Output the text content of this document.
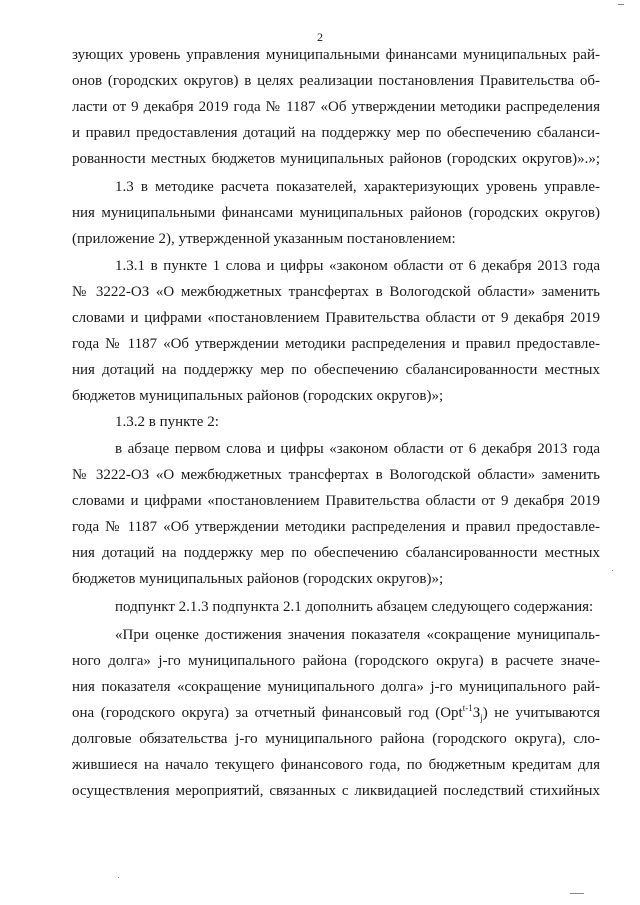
2
зующих уровень управления муниципальными финансами муниципальных рай-
онов (городских округов) в целях реализации постановления Правительства об-
ласти от 9 декабря 2019 года № 1187 «Об утверждении методики распределения
и правил предоставления дотаций на поддержку мер по обеспечению сбаланси-
рованности местных бюджетов муниципальных районов (городских округов)».»;
1.3 в методике расчета показателей, характеризующих уровень управле-
ния муниципальными финансами муниципальных районов (городских округов)
(приложение 2), утвержденной указанным постановлением:
1.3.1 в пункте 1 слова и цифры «законом области от 6 декабря 2013 года
№ 3222-ОЗ «О межбюджетных трансфертах в Вологодской области» заменить
словами и цифрами «постановлением Правительства области от 9 декабря 2019
года № 1187 «Об утверждении методики распределения и правил предоставле-
ния дотаций на поддержку мер по обеспечению сбалансированности местных
бюджетов муниципальных районов (городских округов)»;
1.3.2 в пункте 2:
в абзаце первом слова и цифры «законом области от 6 декабря 2013 года
№ 3222-ОЗ «О межбюджетных трансфертах в Вологодской области» заменить
словами и цифрами «постановлением Правительства области от 9 декабря 2019
года № 1187 «Об утверждении методики распределения и правил предоставле-
ния дотаций на поддержку мер по обеспечению сбалансированности местных
бюджетов муниципальных районов (городских округов)»;
подпункт 2.1.3 подпункта 2.1 дополнить абзацем следующего содержания:
«При оценке достижения значения показателя «сокращение муниципаль-
ного долга» j-го муниципального района (городского округа) в расчете значе-
ния показателя «сокращение муниципального долга» j-го муниципального рай-
она (городского округа) за отчетный финансовый год $(Opt^{t-1}З_j)$ не учитываются
долговые обязательства j-го муниципального района (городского округа), сло-
жившиеся на начало текущего финансового года, по бюджетным кредитам для
осуществления мероприятий, связанных с ликвидацией последствий стихийных
